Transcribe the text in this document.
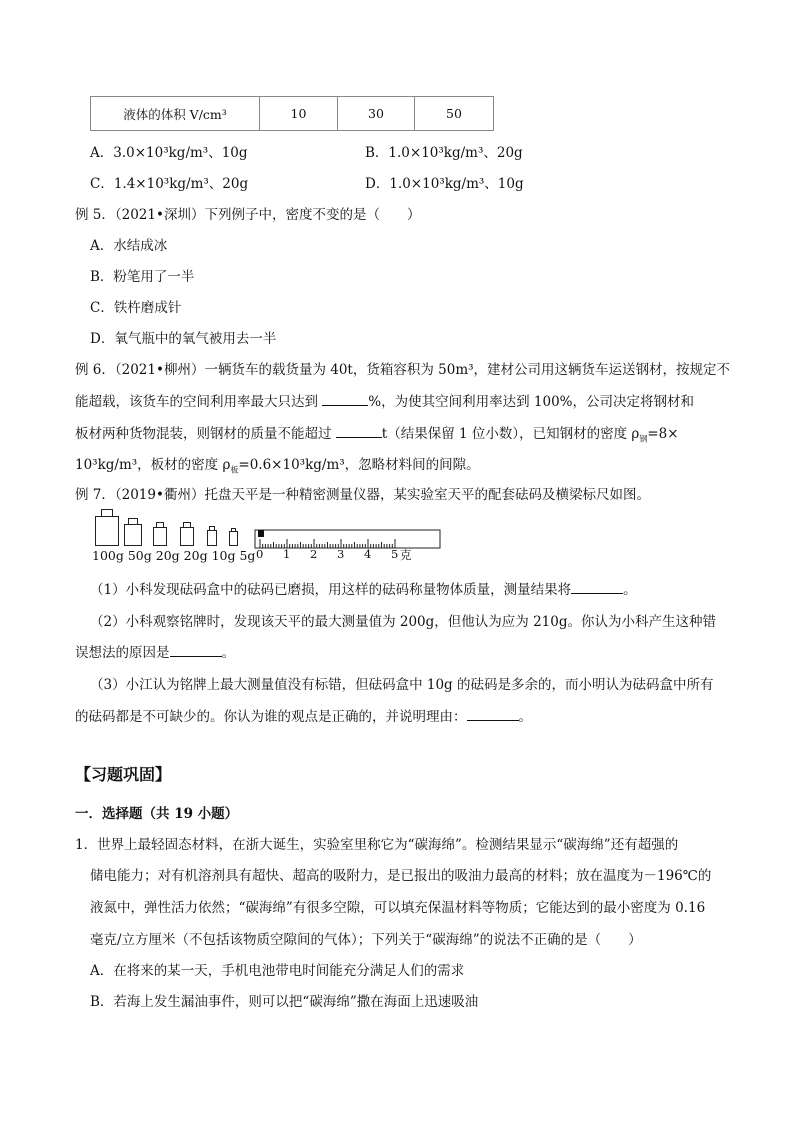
液体的体积 V/cm³	10	30	50
A．3.0×10³kg/m³、10g	B．1.0×10³kg/m³、20g
C．1.4×10³kg/m³、20g	D．1.0×10³kg/m³、10g
例 5．（2021•深圳）下列例子中，密度不变的是（　　）
A．水结成冰
B．粉笔用了一半
C．铁杵磨成针
D．氧气瓶中的氧气被用去一半
例 6．（2021•柳州）一辆货车的载货量为 40t，货箱容积为 50m³，建材公司用这辆货车运送钢材，按规定不
能超载，该货车的空间利用率最大只达到	%，为使其空间利用率达到 100%，公司决定将钢材和
板材两种货物混装，则钢材的质量不能超过	t（结果保留 1 位小数），已知钢材的密度 $\rho_钢=8\times$
10³kg/m³，板材的密度 $\rho_板=0.6\times 10^3kg/m^3$，忽略材料间的间隙。
例 7．（2019•衢州）托盘天平是一种精密测量仪器，某实验室天平的配套砝码及横梁标尺如图。
100g 50g 20g 20g 10g 5g 0 1 2 3 4 5 克
（1）小科发现砝码盒中的砝码已磨损，用这样的砝码称量物体质量，测量结果将	。
（2）小科观察铭牌时，发现该天平的最大测量值为 200g，但他认为应为 210g。你认为小科产生这种错
误想法的原因是	。
（3）小江认为铭牌上最大测量值没有标错，但砝码盒中 10g 的砝码是多余的，而小明认为砝码盒中所有
的砝码都是不可缺少的。你认为谁的观点是正确的，并说明理由：	。
【习题巩固】
一．选择题（共 19 小题）
1．世界上最轻固态材料，在浙大诞生，实验室里称它为“碳海绵”。检测结果显示“碳海绵”还有超强的
储电能力；对有机溶剂具有超快、超高的吸附力，是已报出的吸油力最高的材料；放在温度为－196℃的
液氮中，弹性活力依然；“碳海绵”有很多空隙，可以填充保温材料等物质；它能达到的最小密度为 0.16
毫克/立方厘米（不包括该物质空隙间的气体）；下列关于“碳海绵”的说法不正确的是（　　）
A．在将来的某一天，手机电池带电时间能充分满足人们的需求
B．若海上发生漏油事件，则可以把“碳海绵”撒在海面上迅速吸油
